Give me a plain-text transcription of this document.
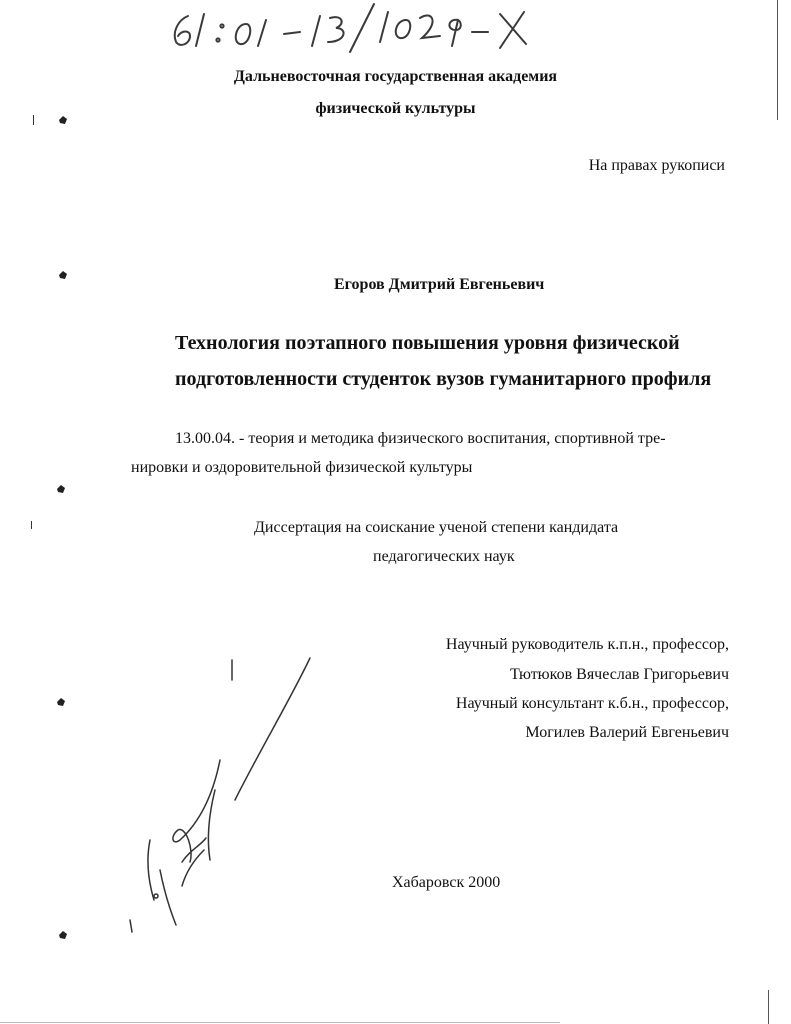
Дальневосточная государственная академия
физической культуры
На правах рукописи
Егоров Дмитрий Евгеньевич
Технология поэтапного повышения уровня физической
подготовленности студенток вузов гуманитарного профиля
13.00.04. - теория и методика физического воспитания, спортивной тре-
нировки и оздоровительной физической культуры
Диссертация на соискание ученой степени кандидата
педагогических наук
Научный руководитель к.п.н., профессор,
Тютюков Вячеслав Григорьевич
Научный консультант к.б.н., профессор,
Могилев Валерий Евгеньевич
Хабаровск 2000
